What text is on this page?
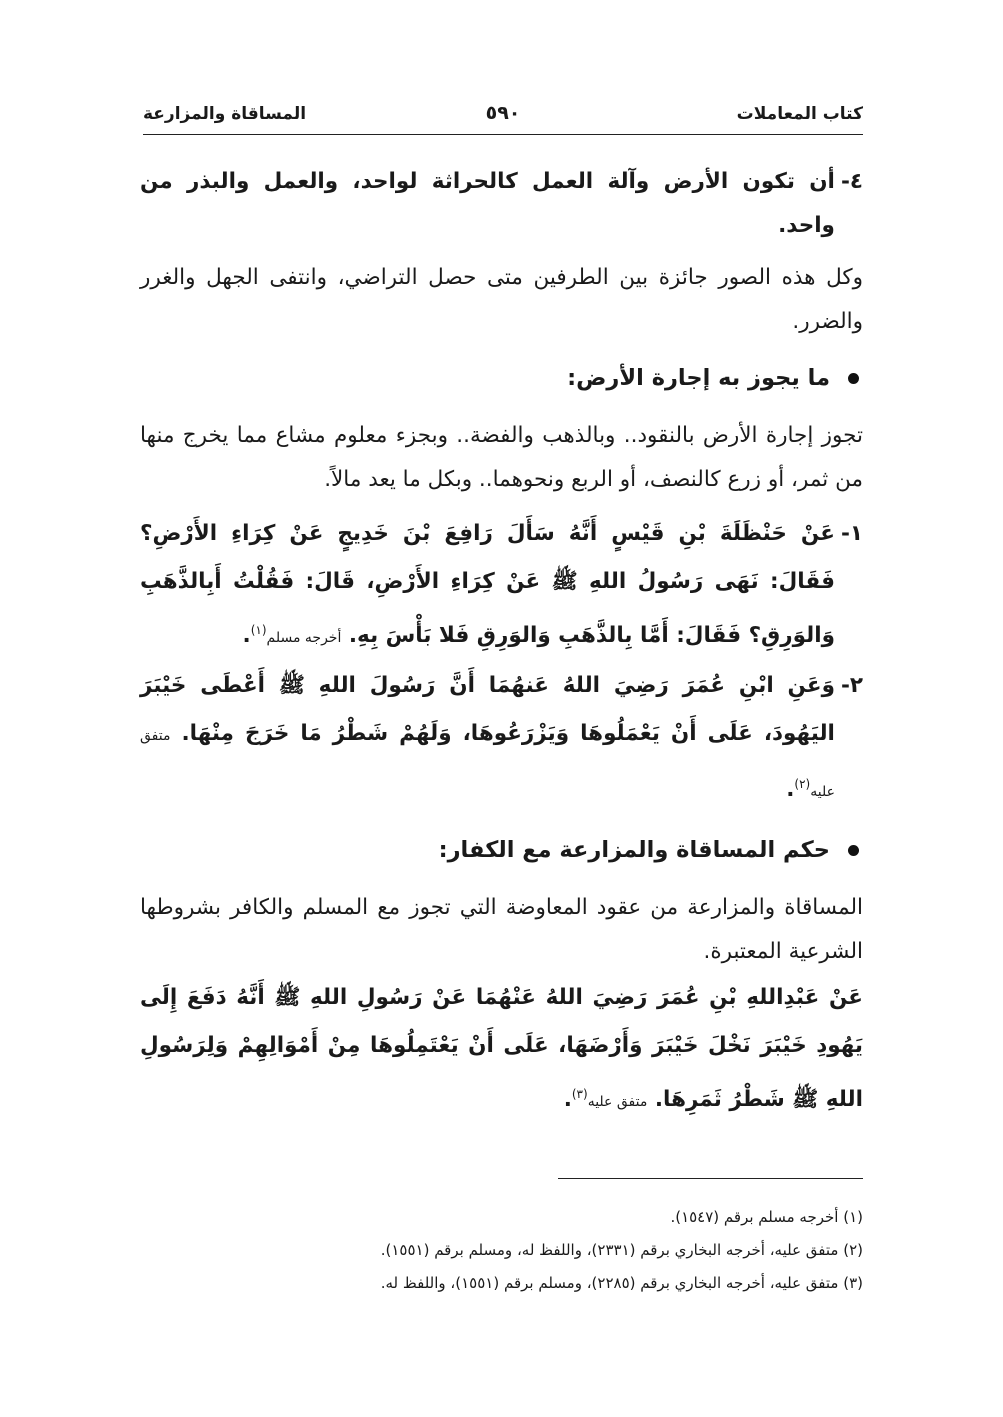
كتاب المعاملات
٥٩٠
المساقاة والمزارعة

٤-
أن تكون الأرض وآلة العمل كالحراثة لواحد، والعمل والبذر من واحد.

وكل هذه الصور جائزة بين الطرفين متى حصل التراضي، وانتفى الجهل والغرر والضرر.

ما يجوز به إجارة الأرض:

تجوز إجارة الأرض بالنقود.. وبالذهب والفضة.. وبجزء معلوم مشاع مما يخرج منها من ثمر، أو زرع كالنصف، أو الربع ونحوهما.. وبكل ما يعد مالاً.

١-
عَنْ حَنْظَلَةَ بْنِ قَيْسٍ أَنَّهُ سَأَلَ رَافِعَ بْنَ خَدِيجٍ عَنْ كِرَاءِ الأَرْضِ؟ فَقَالَ: نَهَى رَسُولُ اللهِ ﷺ عَنْ كِرَاءِ الأَرْضِ، قَالَ: فَقُلْتُ أَبِالذَّهَبِ وَالوَرِقِ؟ فَقَالَ: أَمَّا بِالذَّهَبِ وَالوَرِقِ فَلا بَأْسَ بِهِ. أخرجه مسلم$^{(١)}$.

٢-
وَعَنِ ابْنِ عُمَرَ رَضِيَ اللهُ عَنهُمَا أَنَّ رَسُولَ اللهِ ﷺ أَعْطَى خَيْبَرَ اليَهُودَ، عَلَى أَنْ يَعْمَلُوهَا وَيَزْرَعُوهَا، وَلَهُمْ شَطْرُ مَا خَرَجَ مِنْهَا. متفق عليه$^{(٢)}$.

حكم المساقاة والمزارعة مع الكفار:

المساقاة والمزارعة من عقود المعاوضة التي تجوز مع المسلم والكافر بشروطها الشرعية المعتبرة.

عَنْ عَبْدِاللهِ بْنِ عُمَرَ رَضِيَ اللهُ عَنْهُمَا عَنْ رَسُولِ اللهِ ﷺ أَنَّهُ دَفَعَ إِلَى يَهُودِ خَيْبَرَ نَخْلَ خَيْبَرَ وَأَرْضَهَا، عَلَى أَنْ يَعْتَمِلُوهَا مِنْ أَمْوَالِهِمْ وَلِرَسُولِ اللهِ ﷺ شَطْرُ ثَمَرِهَا. متفق عليه$^{(٣)}$.

(١) أخرجه مسلم برقم (١٥٤٧).

(٢) متفق عليه، أخرجه البخاري برقم (٢٣٣١)، واللفظ له، ومسلم برقم (١٥٥١).

(٣) متفق عليه، أخرجه البخاري برقم (٢٢٨٥)، ومسلم برقم (١٥٥١)، واللفظ له.
